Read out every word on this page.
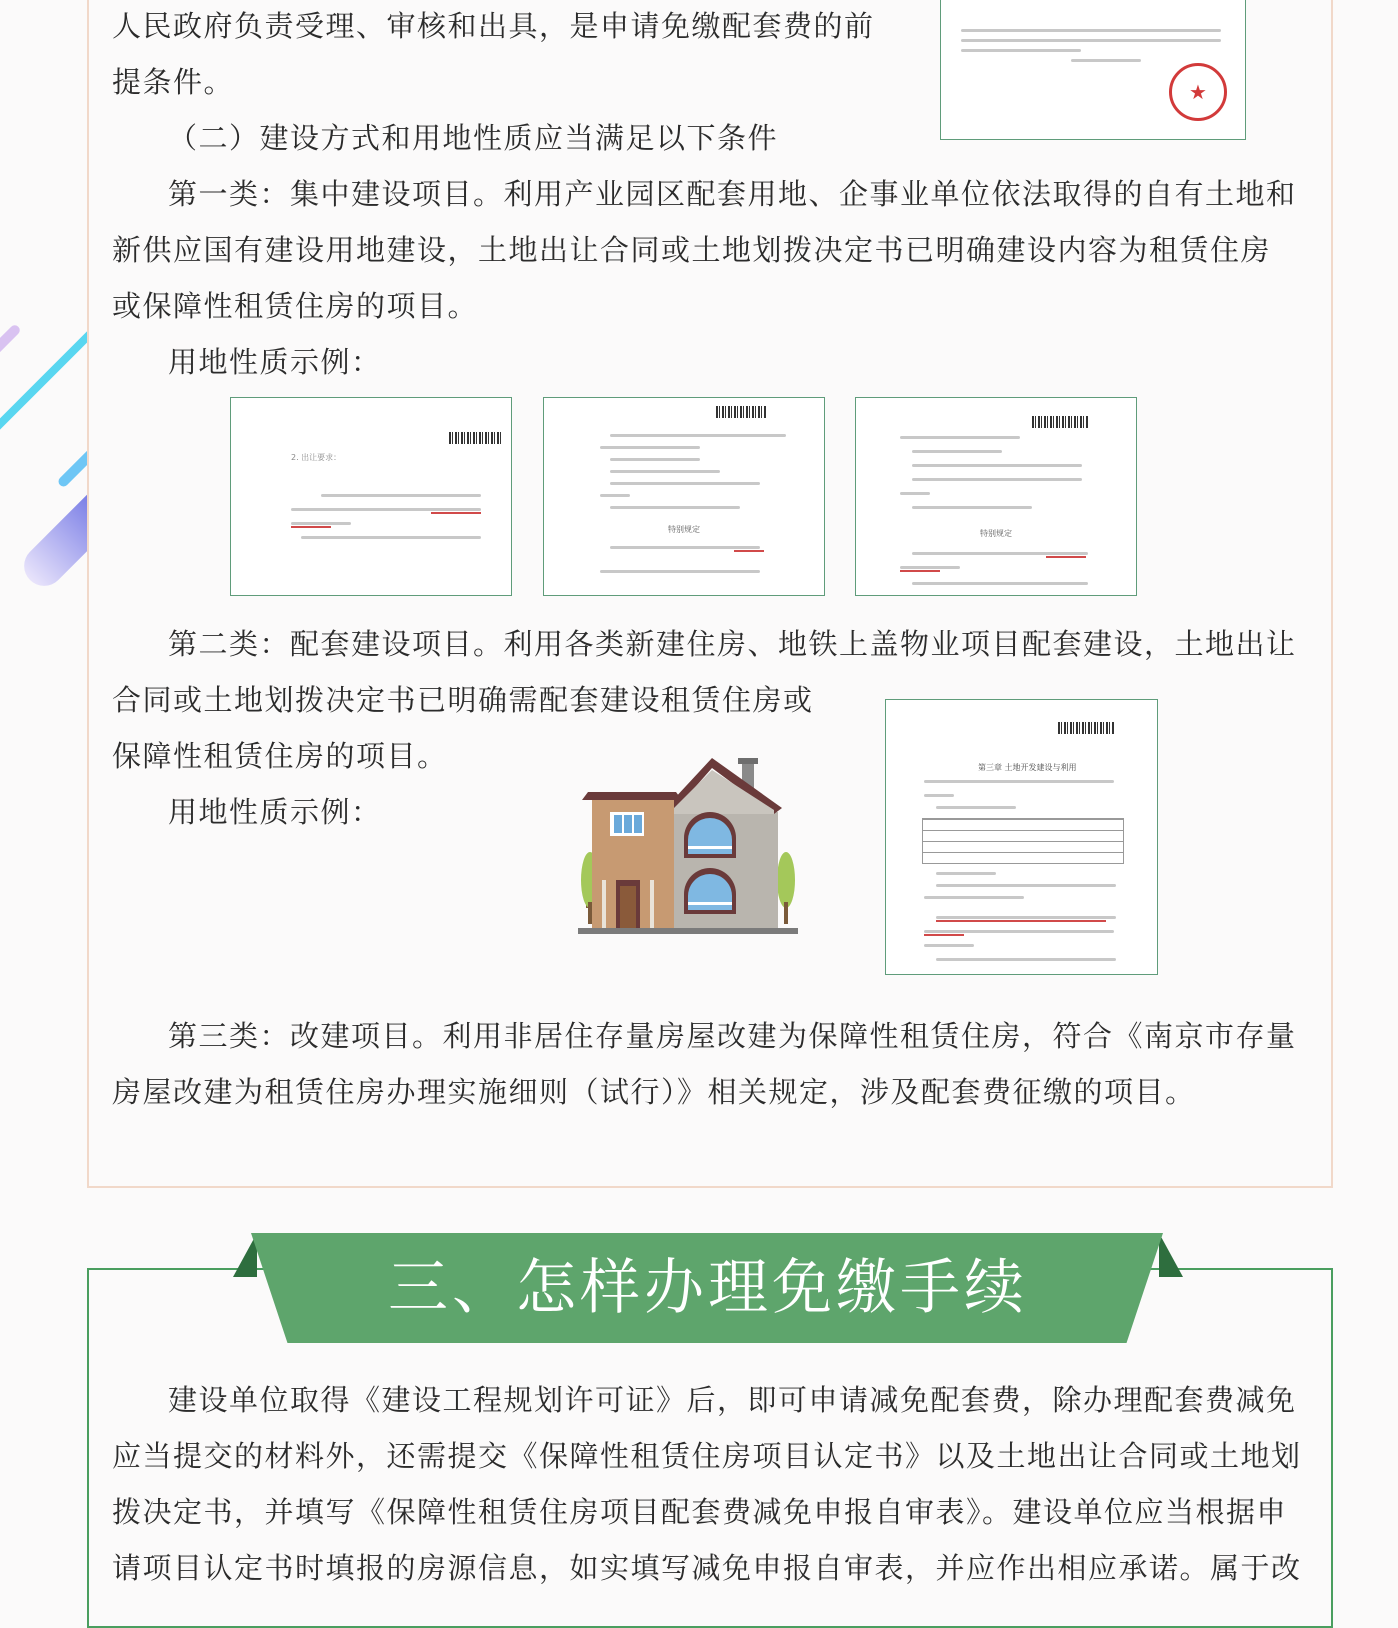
★
人民政府负责受理、审核和出具，是申请免缴配套费的前
提条件。
（二）建设方式和用地性质应当满足以下条件
第一类：集中建设项目。利用产业园区配套用地、企事业单位依法取得的自有土地和
新供应国有建设用地建设，土地出让合同或土地划拨决定书已明确建设内容为租赁住房
或保障性租赁住房的项目。
用地性质示例：
2. 出让要求：
特别规定	特别规定
第二类：配套建设项目。利用各类新建住房、地铁上盖物业项目配套建设，土地出让
合同或土地划拨决定书已明确需配套建设租赁住房或
保障性租赁住房的项目。
用地性质示例：
第三章 土地开发建设与利用
第三类：改建项目。利用非居住存量房屋改建为保障性租赁住房，符合《南京市存量
房屋改建为租赁住房办理实施细则（试行）》相关规定，涉及配套费征缴的项目。
三、怎样办理免缴手续
建设单位取得《建设工程规划许可证》后，即可申请减免配套费，除办理配套费减免
应当提交的材料外，还需提交《保障性租赁住房项目认定书》以及土地出让合同或土地划
拨决定书，并填写《保障性租赁住房项目配套费减免申报自审表》。建设单位应当根据申
请项目认定书时填报的房源信息，如实填写减免申报自审表，并应作出相应承诺。属于改
